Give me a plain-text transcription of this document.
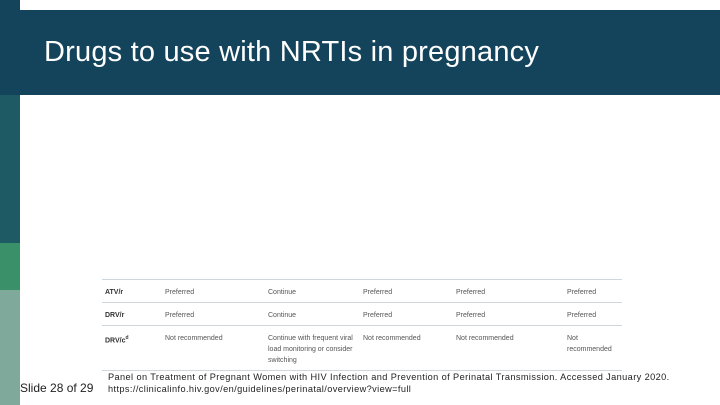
Drugs to use with NRTIs in pregnancy
ATV/r	Preferred	Continue	Preferred	Preferred	Preferred
DRV/r	Preferred	Continue	Preferred	Preferred	Preferred
DRV/$c^d$	Not recommended	Continue with frequent viral load monitoring or consider switching	Not recommended	Not recommended	Not recommended
Slide 28 of 29
Panel on Treatment of Pregnant Women with HIV Infection and Prevention of Perinatal Transmission. Accessed January 2020.
https://clinicalinfo.hiv.gov/en/guidelines/perinatal/overview?view=full
